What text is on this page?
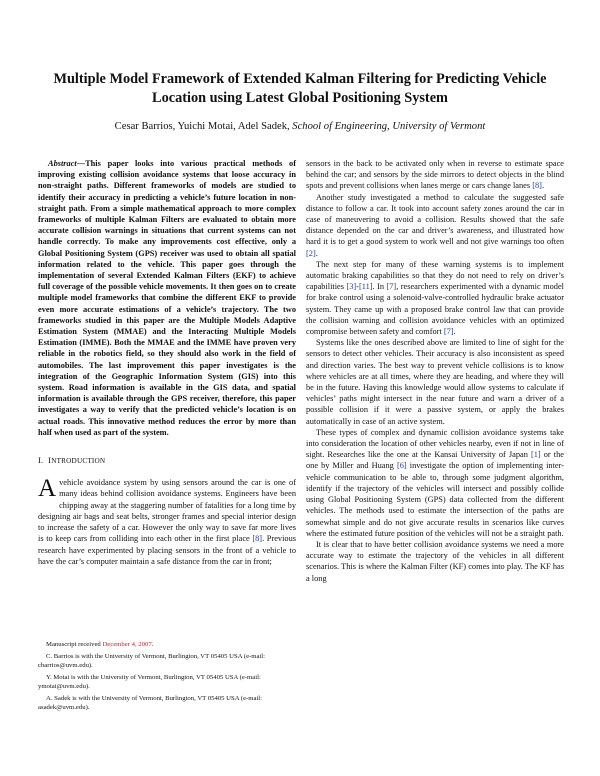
Multiple Model Framework of Extended Kalman Filtering for Predicting Vehicle Location using Latest Global Positioning System
Cesar Barrios, Yuichi Motai, Adel Sadek, School of Engineering, University of Vermont

Abstract—This paper looks into various practical methods of improving existing collision avoidance systems that loose accuracy in non-straight paths. Different frameworks of models are studied to identify their accuracy in predicting a vehicle’s future location in non-straight path. From a simple mathematical approach to more complex frameworks of multiple Kalman Filters are evaluated to obtain more accurate collision warnings in situations that current systems can not handle correctly. To make any improvements cost effective, only a Global Positioning System (GPS) receiver was used to obtain all spatial information related to the vehicle. This paper goes through the implementation of several Extended Kalman Filters (EKF) to achieve full coverage of the possible vehicle movements. It then goes on to create multiple model frameworks that combine the different EKF to provide even more accurate estimations of a vehicle’s trajectory. The two frameworks studied in this paper are the Multiple Models Adaptive Estimation System (MMAE) and the Interacting Multiple Models Estimation (IMME). Both the MMAE and the IMME have proven very reliable in the robotics field, so they should also work in the field of automobiles. The last improvement this paper investigates is the integration of the Geographic Information System (GIS) into this system. Road information is available in the GIS data, and spatial information is available through the GPS receiver, therefore, this paper investigates a way to verify that the predicted vehicle’s location is on actual roads. This innovative method reduces the error by more than half when used as part of the system.

I. INTRODUCTION

A vehicle avoidance system by using sensors around the car is one of many ideas behind collision avoidance systems. Engineers have been chipping away at the staggering number of fatalities for a long time by designing air bags and seat belts, stronger frames and special interior design to increase the safety of a car. However the only way to save far more lives is to keep cars from colliding into each other in the first place [8]. Previous research have experimented by placing sensors in the front of a vehicle to have the car’s computer maintain a safe distance from the car in front;

Manuscript received December 4, 2007.

C. Barrios is with the University of Vermont, Burlington, VT 05405 USA (e-mail: cbarrios@uvm.edu).

Y. Motai is with the University of Vermont, Burlington, VT 05405 USA (e-mail: ymotai@uvm.edu).

A. Sadek is with the University of Vermont, Burlington, VT 05405 USA (e-mail: asadek@uvm.edu).

sensors in the back to be activated only when in reverse to estimate space behind the car; and sensors by the side mirrors to detect objects in the blind spots and prevent collisions when lanes merge or cars change lanes [8].

Another study investigated a method to calculate the suggested safe distance to follow a car. It took into account safety zones around the car in case of maneuvering to avoid a collision. Results showed that the safe distance depended on the car and driver’s awareness, and illustrated how hard it is to get a good system to work well and not give warnings too often [2].

The next step for many of these warning systems is to implement automatic braking capabilities so that they do not need to rely on driver’s capabilities [3]-[11]. In [7], researchers experimented with a dynamic model for brake control using a solenoid-valve-controlled hydraulic brake actuator system. They came up with a proposed brake control law that can provide the collision warning and collision avoidance vehicles with an optimized compromise between safety and comfort [7].

Systems like the ones described above are limited to line of sight for the sensors to detect other vehicles. Their accuracy is also inconsistent as speed and direction varies. The best way to prevent vehicle collisions is to know where vehicles are at all times, where they are heading, and where they will be in the future. Having this knowledge would allow systems to calculate if vehicles’ paths might intersect in the near future and warn a driver of a possible collision if it were a passive system, or apply the brakes automatically in case of an active system.

These types of complex and dynamic collision avoidance systems take into consideration the location of other vehicles nearby, even if not in line of sight. Researches like the one at the Kansai University of Japan [1] or the one by Miller and Huang [6] investigate the option of implementing inter-vehicle communication to be able to, through some judgment algorithm, identify if the trajectory of the vehicles will intersect and possibly collide using Global Positioning System (GPS) data collected from the different vehicles. The methods used to estimate the intersection of the paths are somewhat simple and do not give accurate results in scenarios like curves where the estimated future position of the vehicles will not be a straight path.

It is clear that to have better collision avoidance systems we need a more accurate way to estimate the trajectory of the vehicles in all different scenarios. This is where the Kalman Filter (KF) comes into play. The KF has a long
